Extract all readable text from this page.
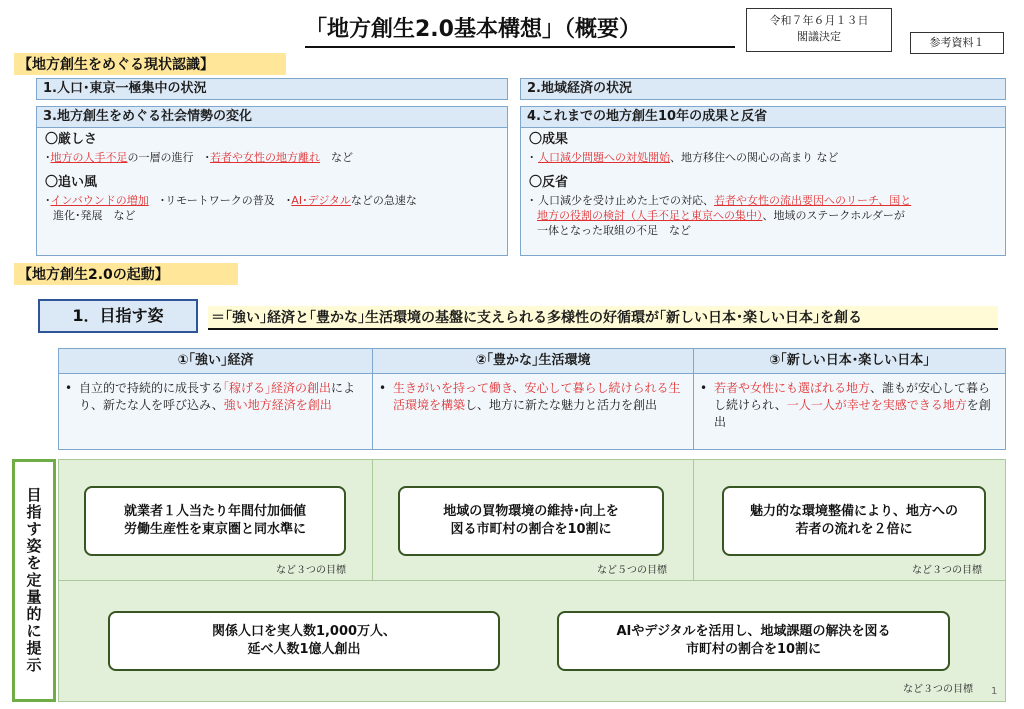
「地方創生2.0基本構想」（概要）	令和７年６月１３日
閣議決定	参考資料１
【地方創生をめぐる現状認識】
1.人口･東京一極集中の状況	2.地域経済の状況
3.地方創生をめぐる社会情勢の変化
〇厳しさ
･地方の人手不足の一層の進行　･若者や女性の地方離れ　 など
〇追い風
･インバウンドの増加　 ･リモートワークの普及　･AI･デジタルなどの急速な
進化･発展　など
4.これまでの地方創生10年の成果と反省
〇成果
･ 人口減少問題への対処開始、地方移住への関心の高まり など
〇反省
･ 人口減少を受け止めた上での対応、若者や女性の流出要因へのリーチ、国と
地方の役割の検討（人手不足と東京への集中）、地域のステークホルダーが
一体となった取組の不足　など
【地方創生2.0の起動】
1．目指す姿	＝｢強い｣経済と｢豊かな｣生活環境の基盤に支えられる多様性の好循環が｢新しい日本･楽しい日本｣を創る
①｢強い｣経済	②｢豊かな｣生活環境	③｢新しい日本･楽しい日本｣
• 自立的で持続的に成長する｢稼げる｣経済の創出により、新たな人を呼び込み、強い地方経済を創出
• 生きがいを持って働き、安心して暮らし続けられる生活環境を構築し、地方に新たな魅力と活力を創出
• 若者や女性にも選ばれる地方、誰もが安心して暮らし続けられ、一人一人が幸せを実感できる地方を創出
目
指
す
姿
を
定
量
的
に
提
示
就業者１人当たり年間付加価値
労働生産性を東京圏と同水準に
など３つの目標
地域の買物環境の維持･向上を
図る市町村の割合を10割に
など５つの目標
魅力的な環境整備により、地方への
若者の流れを２倍に
など３つの目標
関係人口を実人数1,000万人、
延べ人数1億人創出
AIやデジタルを活用し、地域課題の解決を図る
市町村の割合を10割に
など３つの目標 1
